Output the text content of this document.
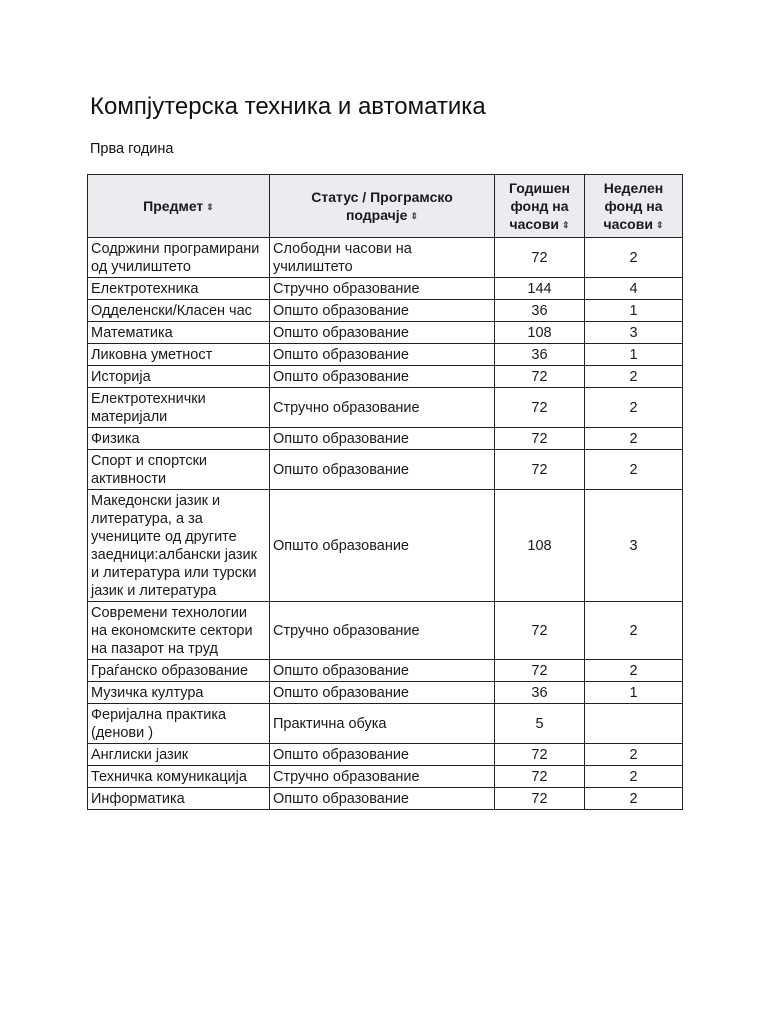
Компјутерска техника и автоматика

Прва година

Предмет ⇕	Статус / Програмско подрачје ⇕	Годишен фонд на часови ⇕	Неделен фонд на часови ⇕
Содржини програмирани од училиштето	Слободни часови на училиштето	72	2
Електротехника	Стручно образование	144	4
Одделенски/Класен час	Општо образование	36	1
Математика	Општо образование	108	3
Ликовна уметност	Општо образование	36	1
Историја	Општо образование	72	2
Електротехнички материјали	Стручно образование	72	2
Физика	Општо образование	72	2
Спорт и спортски активности	Општо образование	72	2
Македонски јазик и литература, а за учениците од другите заедници:албански јазик и литература или турски јазик и литература	Општо образование	108	3
Современи технологии на економските сектори на пазарот на труд	Стручно образование	72	2
Граѓанско образование	Општо образование	72	2
Музичка култура	Општо образование	36	1
Феријална практика (денови )	Практична обука	5	
Англиски јазик	Општо образование	72	2
Техничка комуникација	Стручно образование	72	2
Информатика	Општо образование	72	2
